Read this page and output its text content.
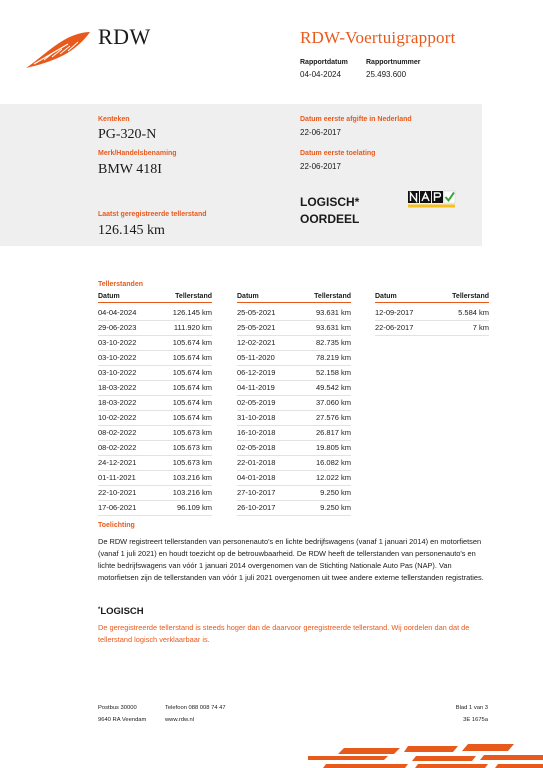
RDW	RDW-Voertuigrapport
Rapportdatum
04-04-2024
Rapportnummer
25.493.600
Kenteken
PG-320-N
Merk/Handelsbenaming
BMW 418I
Laatst geregistreerde tellerstand
126.145 km
Datum eerste afgifte in Nederland
22-06-2017
Datum eerste toelating
22-06-2017
LOGISCH*
OORDEEL
Tellerstanden
Datum	Tellerstand
04-04-2024	126.145 km
29-06-2023	111.920 km
03-10-2022	105.674 km
03-10-2022	105.674 km
03-10-2022	105.674 km
18-03-2022	105.674 km
18-03-2022	105.674 km
10-02-2022	105.674 km
08-02-2022	105.673 km
08-02-2022	105.673 km
24-12-2021	105.673 km
01-11-2021	103.216 km
22-10-2021	103.216 km
17-06-2021	96.109 km
Datum	Tellerstand
25-05-2021	93.631 km
25-05-2021	93.631 km
12-02-2021	82.735 km
05-11-2020	78.219 km
06-12-2019	52.158 km
04-11-2019	49.542 km
02-05-2019	37.060 km
31-10-2018	27.576 km
16-10-2018	26.817 km
02-05-2018	19.805 km
22-01-2018	16.082 km
04-01-2018	12.022 km
27-10-2017	9.250 km
26-10-2017	9.250 km
Datum	Tellerstand
12-09-2017	5.584 km
22-06-2017	7 km
Toelichting
De RDW registreert tellerstanden van personenauto's en lichte bedrijfswagens (vanaf 1 januari 2014) en motorfietsen (vanaf 1 juli 2021) en houdt toezicht op de betrouwbaarheid. De RDW heeft de tellerstanden van personenauto's en lichte bedrijfswagens van vóór 1 januari 2014 overgenomen van de Stichting Nationale Auto Pas (NAP). Van motorfietsen zijn de tellerstanden van vóór 1 juli 2021 overgenomen uit twee andere externe tellerstanden registraties.
*LOGISCH
De geregistreerde tellerstand is steeds hoger dan de daarvoor geregistreerde tellerstand. Wij oordelen dan dat de tellerstand logisch verklaarbaar is.
Postbus 30000
9640 RA Veendam
Telefoon 088 008 74 47
www.rdw.nl
Blad 1 van 3
3E 1675a
